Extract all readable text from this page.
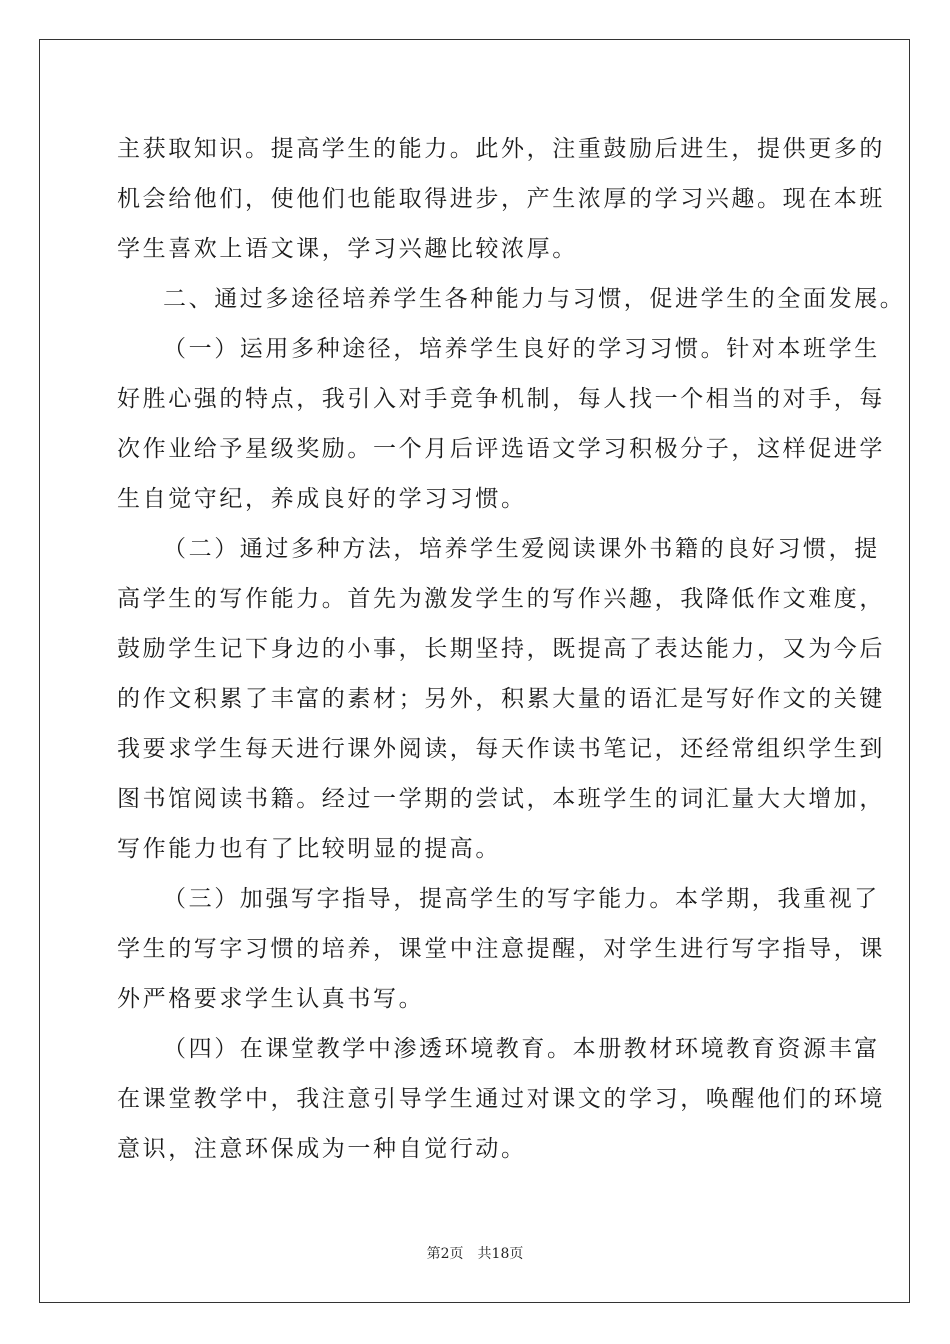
主获取知识。提高学生的能力。此外，注重鼓励后进生，提供更多的
机会给他们，使他们也能取得进步，产生浓厚的学习兴趣。现在本班
学生喜欢上语文课，学习兴趣比较浓厚。
二、通过多途径培养学生各种能力与习惯，促进学生的全面发展。
（一）运用多种途径，培养学生良好的学习习惯。针对本班学生
好胜心强的特点，我引入对手竞争机制，每人找一个相当的对手，每
次作业给予星级奖励。一个月后评选语文学习积极分子，这样促进学
生自觉守纪，养成良好的学习习惯。
（二）通过多种方法，培养学生爱阅读课外书籍的良好习惯，提
高学生的写作能力。首先为激发学生的写作兴趣，我降低作文难度，
鼓励学生记下身边的小事，长期坚持，既提高了表达能力，又为今后
的作文积累了丰富的素材；另外，积累大量的语汇是写好作文的关键
我要求学生每天进行课外阅读，每天作读书笔记，还经常组织学生到
图书馆阅读书籍。经过一学期的尝试，本班学生的词汇量大大增加，
写作能力也有了比较明显的提高。
（三）加强写字指导，提高学生的写字能力。本学期，我重视了
学生的写字习惯的培养，课堂中注意提醒，对学生进行写字指导，课
外严格要求学生认真书写。
（四）在课堂教学中渗透环境教育。本册教材环境教育资源丰富
在课堂教学中，我注意引导学生通过对课文的学习，唤醒他们的环境
意识，注意环保成为一种自觉行动。
第2页 共18页
